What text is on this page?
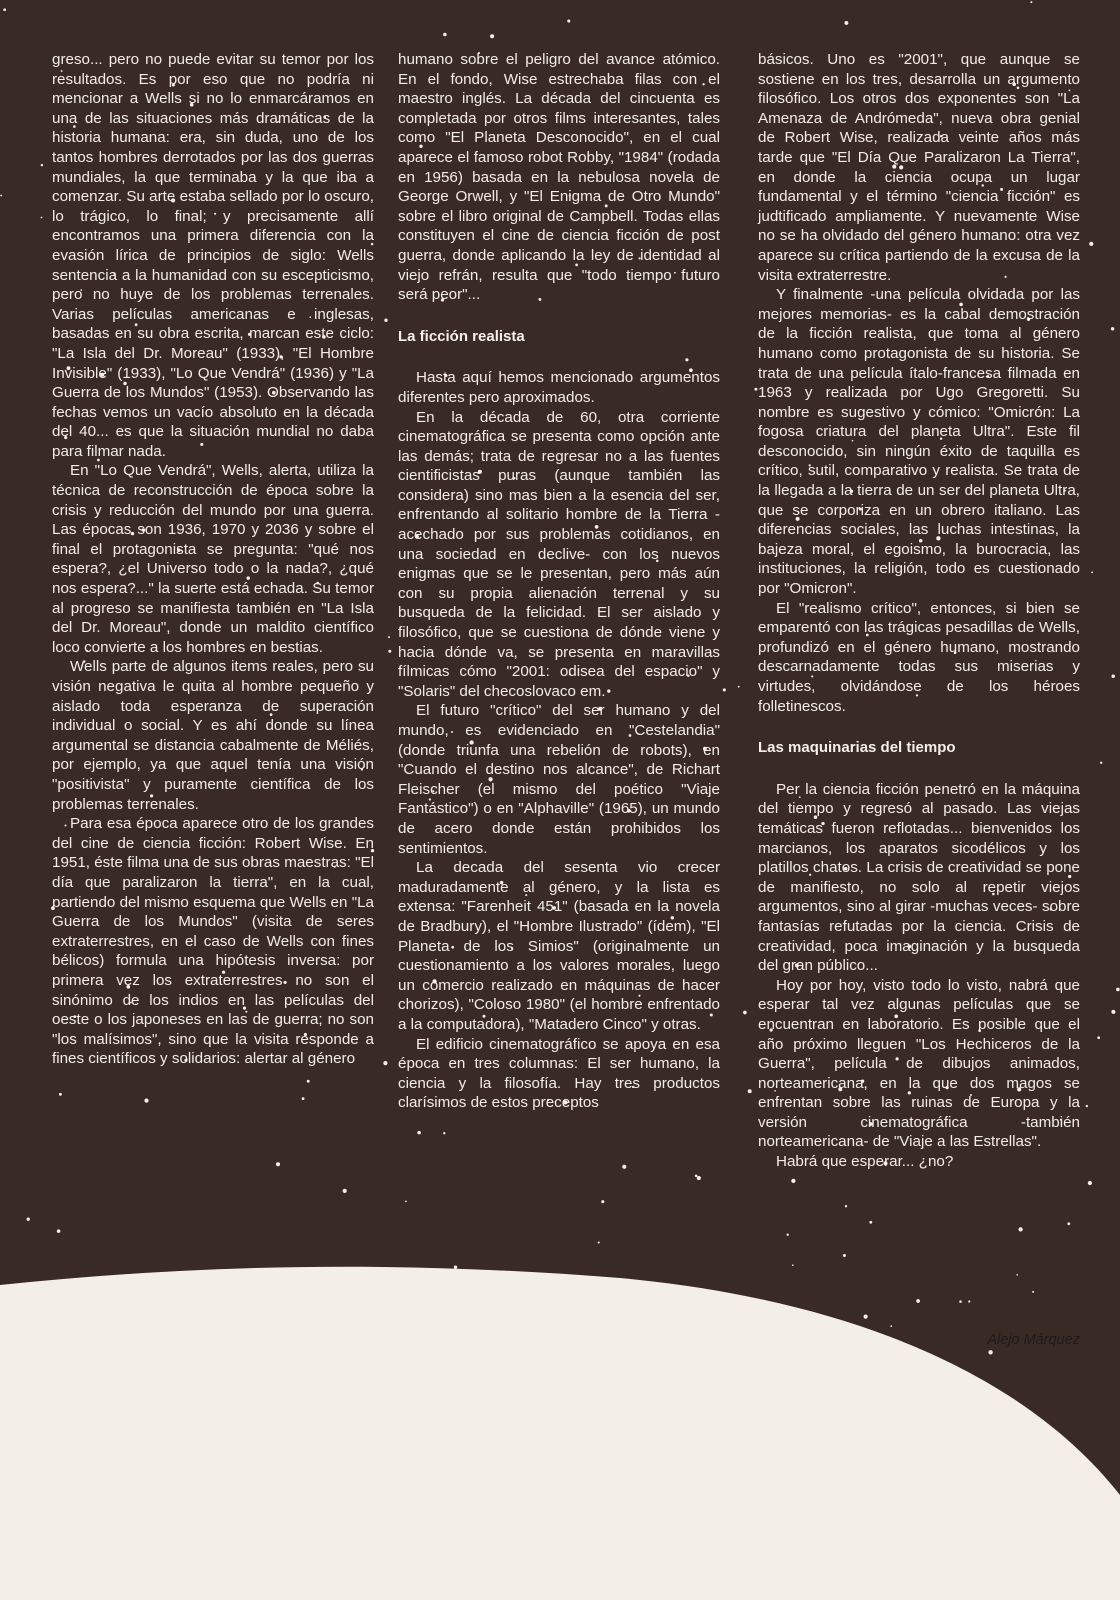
greso... pero no puede evitar su temor por los resultados. Es por eso que no podría ni mencionar a Wells si no lo enmarcáramos en una de las situaciones más dramáticas de la historia humana: era, sin duda, uno de los tantos hombres derrotados por las dos guerras mundiales, la que terminaba y la que iba a comenzar. Su arte estaba sellado por lo oscuro, lo trágico, lo final; y precisamente allí encontramos una primera diferencia con la evasión lírica de principios de siglo: Wells sentencia a la humanidad con su escepticismo, pero no huye de los problemas terrenales. Varias películas americanas e inglesas, basadas en su obra escrita, marcan este ciclo: "La Isla del Dr. Moreau" (1933), "El Hombre Invisible" (1933), "Lo Que Vendrá" (1936) y "La Guerra de los Mundos" (1953). Observando las fechas vemos un vacío absoluto en la década del 40... es que la situación mundial no daba para filmar nada.

En "Lo Que Vendrá", Wells, alerta, utiliza la técnica de reconstrucción de época sobre la crisis y reducción del mundo por una guerra. Las épocas son 1936, 1970 y 2036 y sobre el final el protagonista se pregunta: "qué nos espera?, ¿el Universo todo o la nada?, ¿qué nos espera?..." la suerte está echada. Su temor al progreso se manifiesta también en "La Isla del Dr. Moreau", donde un maldito científico loco convierte a los hombres en bestias.

Wells parte de algunos items reales, pero su visión negativa le quita al hombre pequeño y aislado toda esperanza de superación individual o social. Y es ahí donde su línea argumental se distancia cabalmente de Méliés, por ejemplo, ya que aquel tenía una visión "positivista" y puramente científica de los problemas terrenales.

Para esa época aparece otro de los grandes del cine de ciencia ficción: Robert Wise. En 1951, éste filma una de sus obras maestras: "El día que paralizaron la tierra", en la cual, partiendo del mismo esquema que Wells en "La Guerra de los Mundos" (visita de seres extraterrestres, en el caso de Wells con fines bélicos) formula una hipótesis inversa: por primera vez los extraterrestres no son el sinónimo de los indios en las películas del oeste o los japoneses en las de guerra; no son "los malísimos", sino que la visita responde a fines científicos y solidarios: alertar al género

humano sobre el peligro del avance atómico. En el fondo, Wise estrechaba filas con el maestro inglés. La década del cincuenta es completada por otros films interesantes, tales como "El Planeta Desconocido", en el cual aparece el famoso robot Robby, "1984" (rodada en 1956) basada en la nebulosa novela de George Orwell, y "El Enigma de Otro Mundo" sobre el libro original de Campbell. Todas ellas constituyen el cine de ciencia ficción de post guerra, donde aplicando la ley de identidad al viejo refrán, resulta que "todo tiempo futuro será peor"...

La ficción realista

Hasta aquí hemos mencionado argumentos diferentes pero aproximados.

En la década de 60, otra corriente cinematográfica se presenta como opción ante las demás; trata de regresar no a las fuentes cientificistas puras (aunque también las considera) sino mas bien a la esencia del ser, enfrentando al solitario hombre de la Tierra -acechado por sus problemas cotidianos, en una sociedad en declive- con los nuevos enigmas que se le presentan, pero más aún con su propia alienación terrenal y su busqueda de la felicidad. El ser aislado y filosófico, que se cuestiona de dónde viene y hacia dónde va, se presenta en maravillas fílmicas cómo "2001: odisea del espacio" y "Solaris" del checoslovaco em.

El futuro "crítico" del ser humano y del mundo, es evidenciado en "Cestelandia" (donde triunfa una rebelión de robots), en "Cuando el destino nos alcance", de Richart Fleischer (el mismo del poético "Viaje Fantástico") o en "Alphaville" (1965), un mundo de acero donde están prohibidos los sentimientos.

La decada del sesenta vio crecer maduradamente al género, y la lista es extensa: "Farenheit 451" (basada en la novela de Bradbury), el "Hombre Ilustrado" (ídem), "El Planeta de los Simios" (originalmente un cuestionamiento a los valores morales, luego un comercio realizado en máquinas de hacer chorizos), "Coloso 1980" (el hombre enfrentado a la computadora), "Matadero Cinco" y otras.

El edificio cinematográfico se apoya en esa época en tres columnas: El ser humano, la ciencia y la filosofía. Hay tres productos clarísimos de estos preceptos

básicos. Uno es "2001", que aunque se sostiene en los tres, desarrolla un argumento filosófico. Los otros dos exponentes son "La Amenaza de Andrómeda", nueva obra genial de Robert Wise, realizada veinte años más tarde que "El Día Que Paralizaron La Tierra", en donde la ciencia ocupa un lugar fundamental y el término "ciencia ficción" es judtificado ampliamente. Y nuevamente Wise no se ha olvidado del género humano: otra vez aparece su crítica partiendo de la excusa de la visita extraterrestre.

Y finalmente -una película olvidada por las mejores memorias- es la cabal demostración de la ficción realista, que toma al género humano como protagonista de su historia. Se trata de una película ítalo-francesa filmada en 1963 y realizada por Ugo Gregoretti. Su nombre es sugestivo y cómico: "Omicrón: La fogosa criatura del planeta Ultra". Este fil desconocido, sin ningún éxito de taquilla es crítico, sutil, comparativo y realista. Se trata de la llegada a la tierra de un ser del planeta Ultra, que se corporiza en un obrero italiano. Las diferencias sociales, las luchas intestinas, la bajeza moral, el egoismo, la burocracia, las instituciones, la religión, todo es cuestionado por "Omicron".

El "realismo crítico", entonces, si bien se emparentó con las trágicas pesadillas de Wells, profundizó en el género humano, mostrando descarnadamente todas sus miserias y virtudes, olvidándose de los héroes folletinescos.

Las maquinarias del tiempo

Per la ciencia ficción penetró en la máquina del tiempo y regresó al pasado. Las viejas temáticas fueron reflotadas... bienvenidos los marcianos, los aparatos sicodélicos y los platillos chatos. La crisis de creatividad se pone de manifiesto, no solo al repetir viejos argumentos, sino al girar -muchas veces- sobre fantasías refutadas por la ciencia. Crisis de creatividad, poca imaginación y la busqueda del gran público...

Hoy por hoy, visto todo lo visto, nabrá que esperar tal vez algunas películas que se encuentran en laboratorio. Es posible que el año próximo lleguen "Los Hechiceros de la Guerra", película de dibujos animados, norteamericana, en la que dos magos se enfrentan sobre las ruinas de Europa y la versión cinematográfica -también norteamericana- de "Viaje a las Estrellas".

Habrá que esperar... ¿no?

Alejo Márquez
